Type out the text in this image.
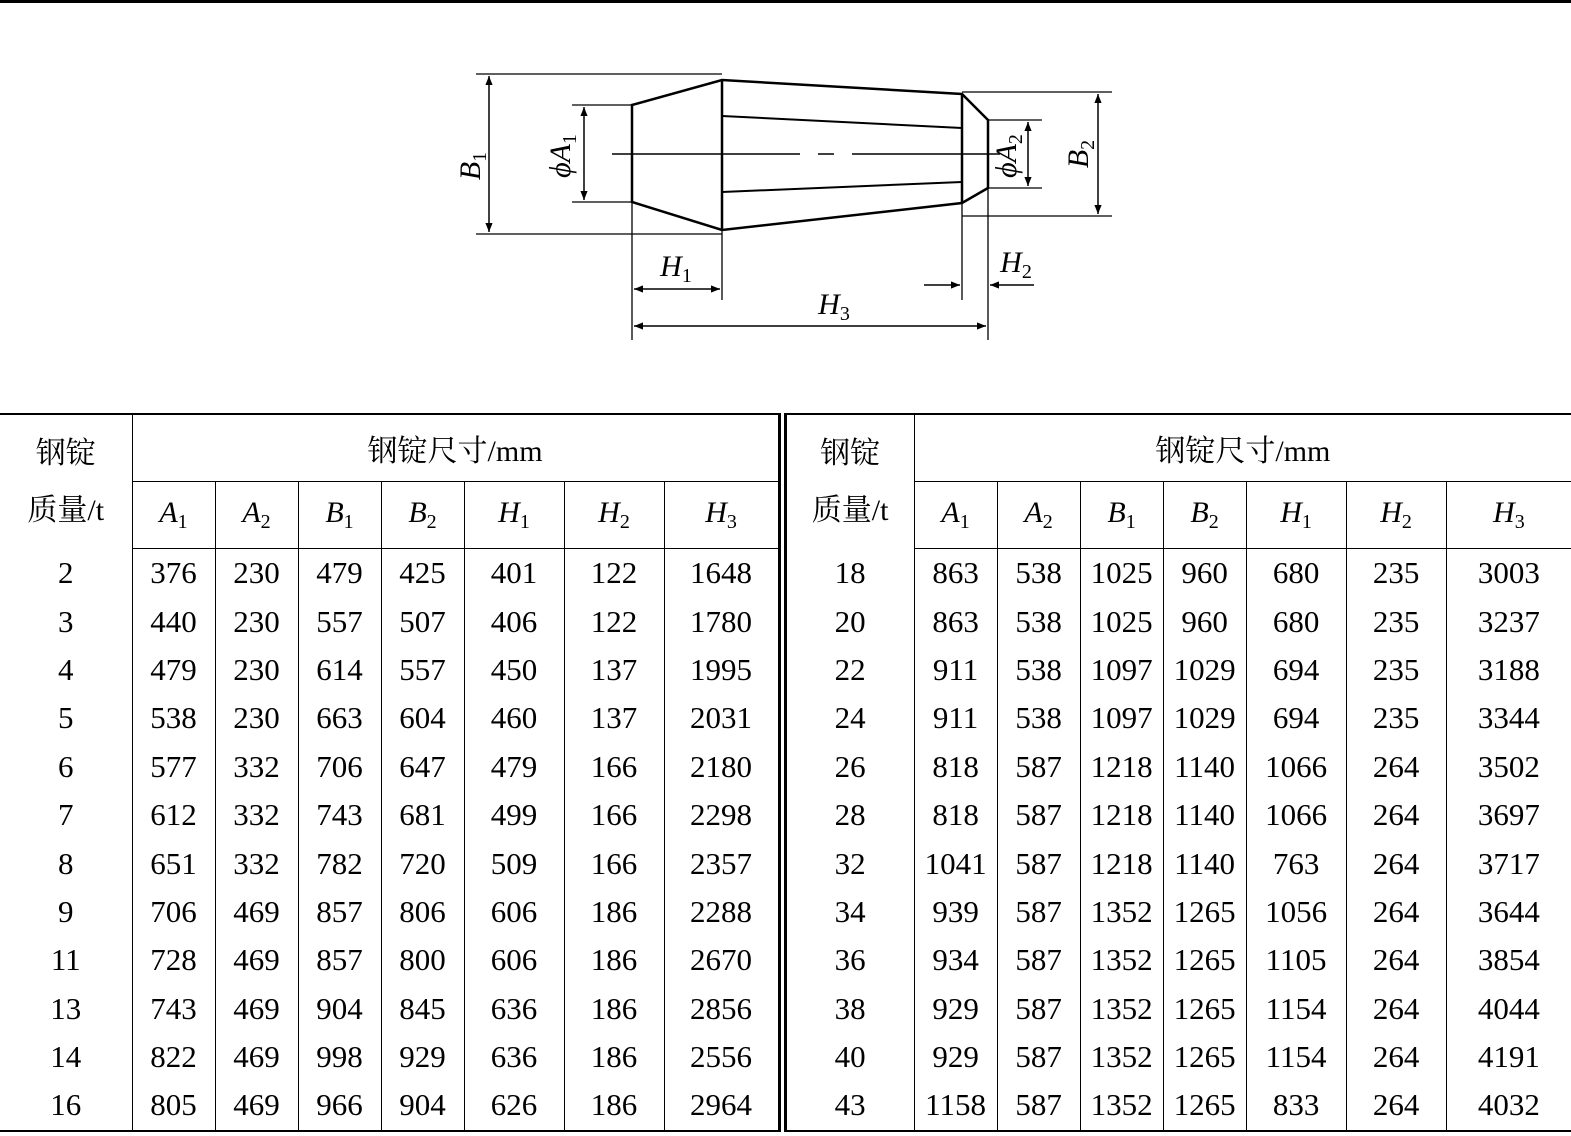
$B_1$ $\phi A_1$
$\phi A_2$
$B_2$
$H_1$	$H_2$
$H_3$
钢锭
质量/t	钢锭尺寸/mm							钢锭
质量/t	钢锭尺寸/mm						
	$A_1$	$A_2$	$B_1$	$B_2$	$H_1$	$H_2$	$H_3$		$A_1$	$A_2$	$B_1$	$B_2$	$H_1$	$H_2$	$H_3$
2	376	230	479	425	401	122	1648	18	863	538	1025	960	680	235	3003
3	440	230	557	507	406	122	1780	20	863	538	1025	960	680	235	3237
4	479	230	614	557	450	137	1995	22	911	538	1097	1029	694	235	3188
5	538	230	663	604	460	137	2031	24	911	538	1097	1029	694	235	3344
6	577	332	706	647	479	166	2180	26	818	587	1218	1140	1066	264	3502
7	612	332	743	681	499	166	2298	28	818	587	1218	1140	1066	264	3697
8	651	332	782	720	509	166	2357	32	1041	587	1218	1140	763	264	3717
9	706	469	857	806	606	186	2288	34	939	587	1352	1265	1056	264	3644
11	728	469	857	800	606	186	2670	36	934	587	1352	1265	1105	264	3854
13	743	469	904	845	636	186	2856	38	929	587	1352	1265	1154	264	4044
14	822	469	998	929	636	186	2556	40	929	587	1352	1265	1154	264	4191
16	805	469	966	904	626	186	2964	43	1158	587	1352	1265	833	264	4032
